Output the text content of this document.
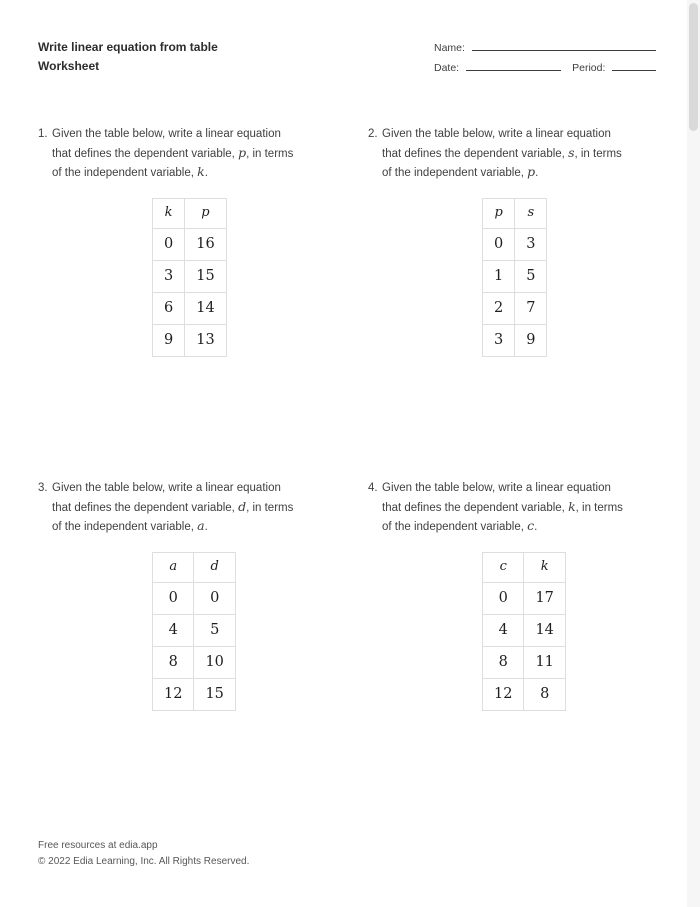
Write linear equation from table
Worksheet
Name:
Date:	Period:
1. Given the table below, write a linear equation
that defines the dependent variable, p, in terms
of the independent variable, k.
k	p
0	16
3	15
6	14
9	13
2. Given the table below, write a linear equation
that defines the dependent variable, s, in terms
of the independent variable, p.
p	s
0	3
1	5
2	7
3	9
3. Given the table below, write a linear equation
that defines the dependent variable, d, in terms
of the independent variable, a.
a	d
0	0
4	5
8	10
12	15
4. Given the table below, write a linear equation
that defines the dependent variable, k, in terms
of the independent variable, c.
c	k
0	17
4	14
8	11
12	8
Free resources at edia.app
© 2022 Edia Learning, Inc. All Rights Reserved.
